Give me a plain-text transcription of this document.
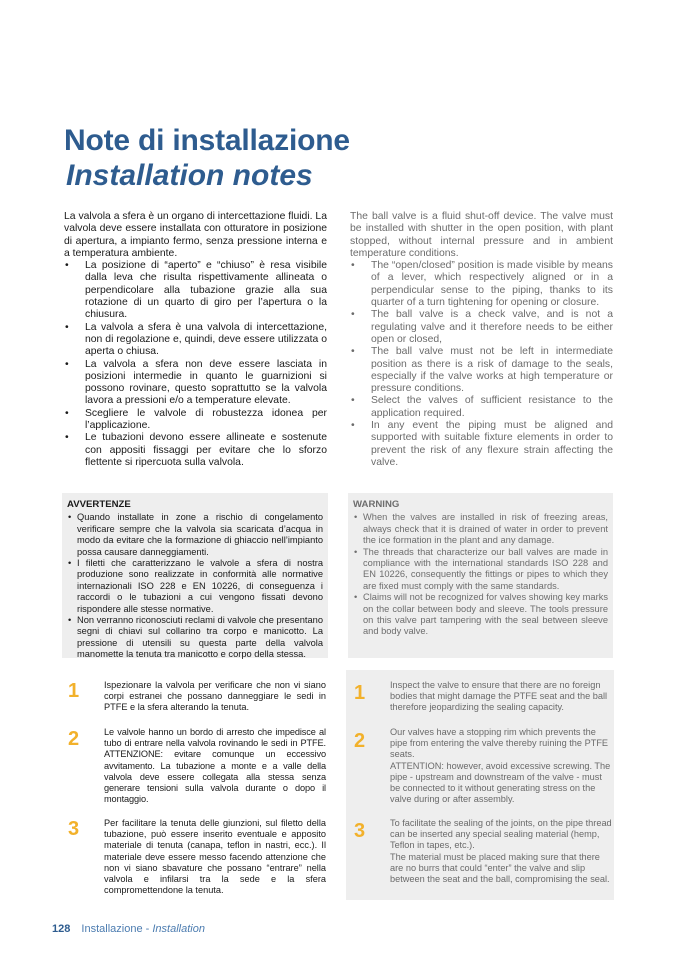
Note di installazione
Installation notes

La valvola a sfera è un organo di intercettazione fluidi. La valvola deve essere installata con otturatore in posizione di apertura, a impianto fermo, senza pressione interna e a temperatura ambiente.

• La posizione di “aperto” e “chiuso” è resa visibile dalla leva che risulta rispettivamente allineata o perpendicolare alla tubazione grazie alla sua rotazione di un quarto di giro per l’apertura o la chiusura.
• La valvola a sfera è una valvola di intercettazione, non di regolazione e, quindi, deve essere utilizzata o aperta o chiusa.
• La valvola a sfera non deve essere lasciata in posizioni intermedie in quanto le guarnizioni si possono rovinare, questo soprattutto se la valvola lavora a pressioni e/o a temperature elevate.
• Scegliere le valvole di robustezza idonea per l’applicazione.
• Le tubazioni devono essere allineate e sostenute con appositi fissaggi per evitare che lo sforzo flettente si ripercuota sulla valvola.

The ball valve is a fluid shut-off device. The valve must be installed with shutter in the open position, with plant stopped, without internal pressure and in ambient temperature conditions.

• The “open/closed” position is made visible by means of a lever, which respectively aligned or in a perpendicular sense to the piping, thanks to its quarter of a turn tightening for opening or closure.
• The ball valve is a check valve, and is not a regulating valve and it therefore needs to be either open or closed,
• The ball valve must not be left in intermediate position as there is a risk of damage to the seals, especially if the valve works at high temperature or pressure conditions.
• Select the valves of sufficient resistance to the application required.
• In any event the piping must be aligned and supported with suitable fixture elements in order to prevent the risk of any flexure strain affecting the valve.
AVVERTENZE
• Quando installate in zone a rischio di congelamento verificare sempre che la valvola sia scaricata d’acqua in modo da evitare che la formazione di ghiaccio nell’impianto possa causare danneggiamenti.
• I filetti che caratterizzano le valvole a sfera di nostra produzione sono realizzate in conformità alle normative internazionali ISO 228 e EN 10226, di conseguenza i raccordi o le tubazioni a cui vengono fissati devono rispondere alle stesse normative.
• Non verranno riconosciuti reclami di valvole che presentano segni di chiavi sul collarino tra corpo e manicotto. La pressione di utensili su questa parte della valvola manomette la tenuta tra manicotto e corpo della stessa.
WARNING
• When the valves are installed in risk of freezing areas, always check that it is drained of water in order to prevent the ice formation in the plant and any damage.
• The threads that characterize our ball valves are made in compliance with the international standards ISO 228 and EN 10226, consequently the fittings or pipes to which they are fixed must comply with the same standards.
• Claims will not be recognized for valves showing key marks on the collar between body and sleeve. The tools pressure on this valve part tampering with the seal between sleeve and body valve.
1	Ispezionare la valvola per verificare che non vi siano corpi estranei che possano danneggiare le sedi in PTFE e la sfera alterando la tenuta.
2	Le valvole hanno un bordo di arresto che impedisce al tubo di entrare nella valvola rovinando le sedi in PTFE. ATTENZIONE: evitare comunque un eccessivo avvitamento. La tubazione a monte e a valle della valvola deve essere collegata alla stessa senza generare tensioni sulla valvola durante o dopo il montaggio.
3	Per facilitare la tenuta delle giunzioni, sul filetto della tubazione, può essere inserito eventuale e apposito materiale di tenuta (canapa, teflon in nastri, ecc.). Il materiale deve essere messo facendo attenzione che non vi siano sbavature che possano “entrare” nella valvola e infilarsi tra la sede e la sfera compromettendone la tenuta.
1	Inspect the valve to ensure that there are no foreign bodies that might damage the PTFE seat and the ball therefore jeopardizing the sealing capacity.
2	Our valves have a stopping rim which prevents the pipe from entering the valve thereby ruining the PTFE seats.
ATTENTION: however, avoid excessive screwing. The pipe - upstream and downstream of the valve - must be connected to it without generating stress on the valve during or after assembly.
3	To facilitate the sealing of the joints, on the pipe thread can be inserted any special sealing material (hemp, Teflon in tapes, etc.).
The material must be placed making sure that there are no burrs that could “enter” the valve and slip between the seat and the ball, compromising the seal.
128 Installazione - Installation
